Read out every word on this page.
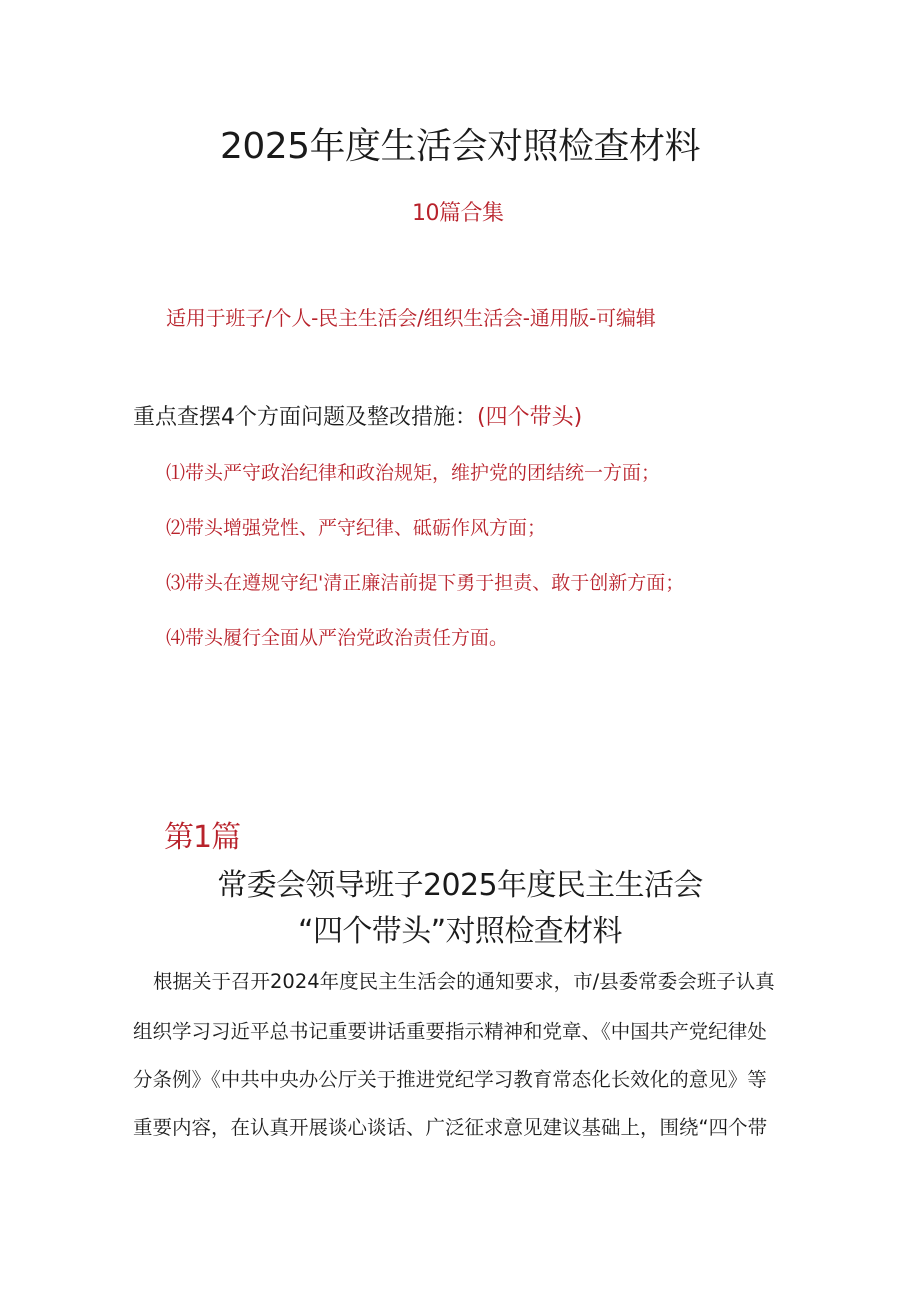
2025年度生活会对照检查材料
10篇合集
适用于班子/个人-民主生活会/组织生活会-通用版-可编辑
重点查摆4个方面问题及整改措施：(四个带头)
⑴带头严守政治纪律和政治规矩，维护党的团结统一方面；
⑵带头增强党性、严守纪律、砥砺作风方面；
⑶带头在遵规守纪'清正廉洁前提下勇于担责、敢于创新方面；
⑷带头履行全面从严治党政治责任方面。
第1篇
常委会领导班子2025年度民主生活会
“四个带头”对照检查材料
根据关于召开2024年度民主生活会的通知要求，市/县委常委会班子认真
组织学习习近平总书记重要讲话重要指示精神和党章、《中国共产党纪律处
分条例》《中共中央办公厅关于推进党纪学习教育常态化长效化的意见》等
重要内容，在认真开展谈心谈话、广泛征求意见建议基础上，围绕“四个带
